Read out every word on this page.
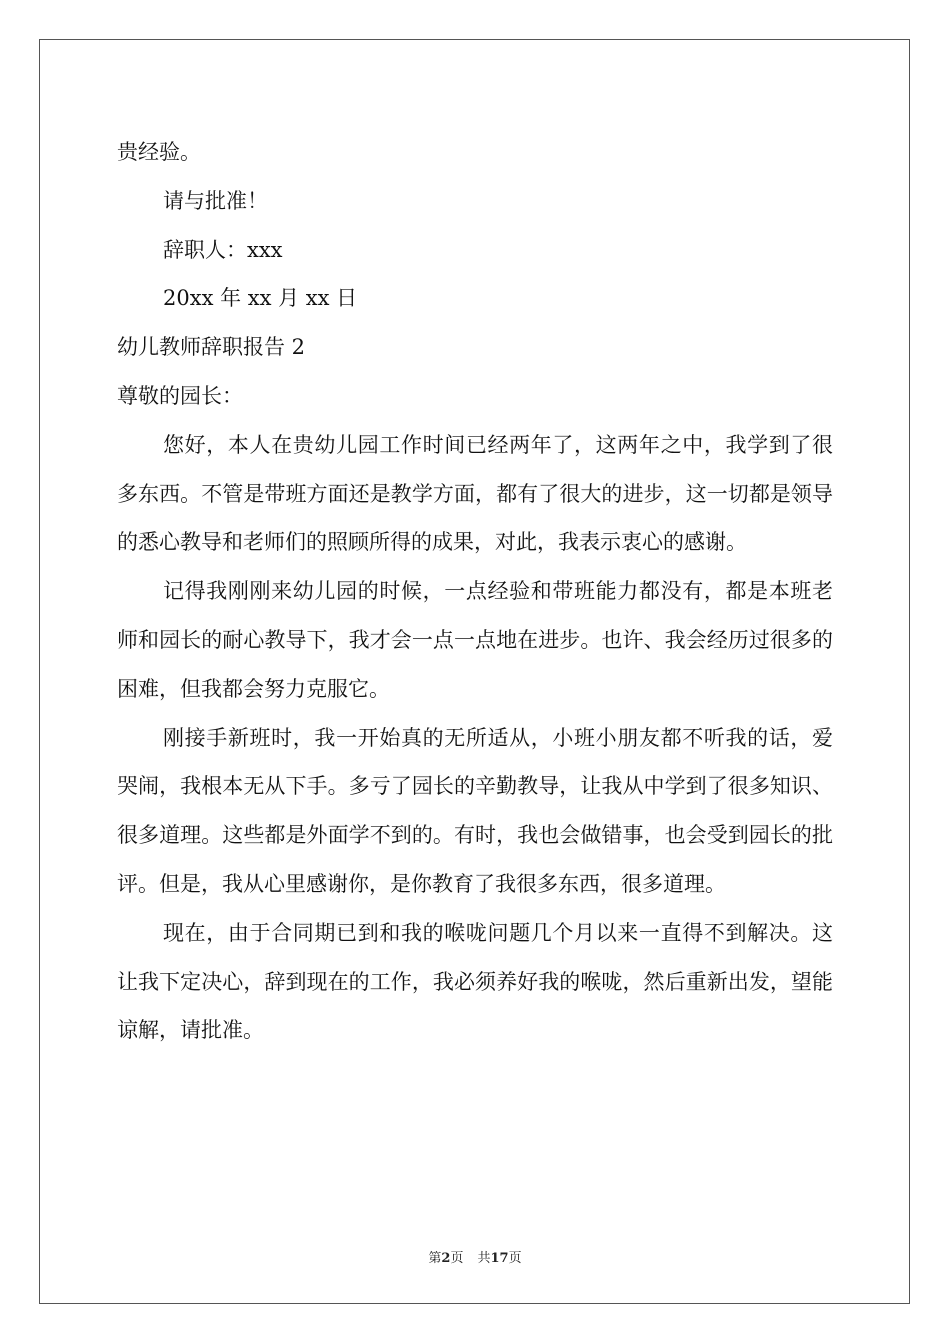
贵经验。

请与批准！

辞职人：xxx

20xx 年 xx 月 xx 日

幼儿教师辞职报告 2

尊敬的园长：

您好，本人在贵幼儿园工作时间已经两年了，这两年之中，我学到了很多东西。不管是带班方面还是教学方面，都有了很大的进步，这一切都是领导的悉心教导和老师们的照顾所得的成果，对此，我表示衷心的感谢。

记得我刚刚来幼儿园的时候，一点经验和带班能力都没有，都是本班老师和园长的耐心教导下，我才会一点一点地在进步。也许、我会经历过很多的困难，但我都会努力克服它。

刚接手新班时，我一开始真的无所适从，小班小朋友都不听我的话，爱哭闹，我根本无从下手。多亏了园长的辛勤教导，让我从中学到了很多知识、很多道理。这些都是外面学不到的。有时，我也会做错事，也会受到园长的批评。但是，我从心里感谢你，是你教育了我很多东西，很多道理。

现在，由于合同期已到和我的喉咙问题几个月以来一直得不到解决。这让我下定决心，辞到现在的工作，我必须养好我的喉咙，然后重新出发，望能谅解，请批准。

第2页 共17页
